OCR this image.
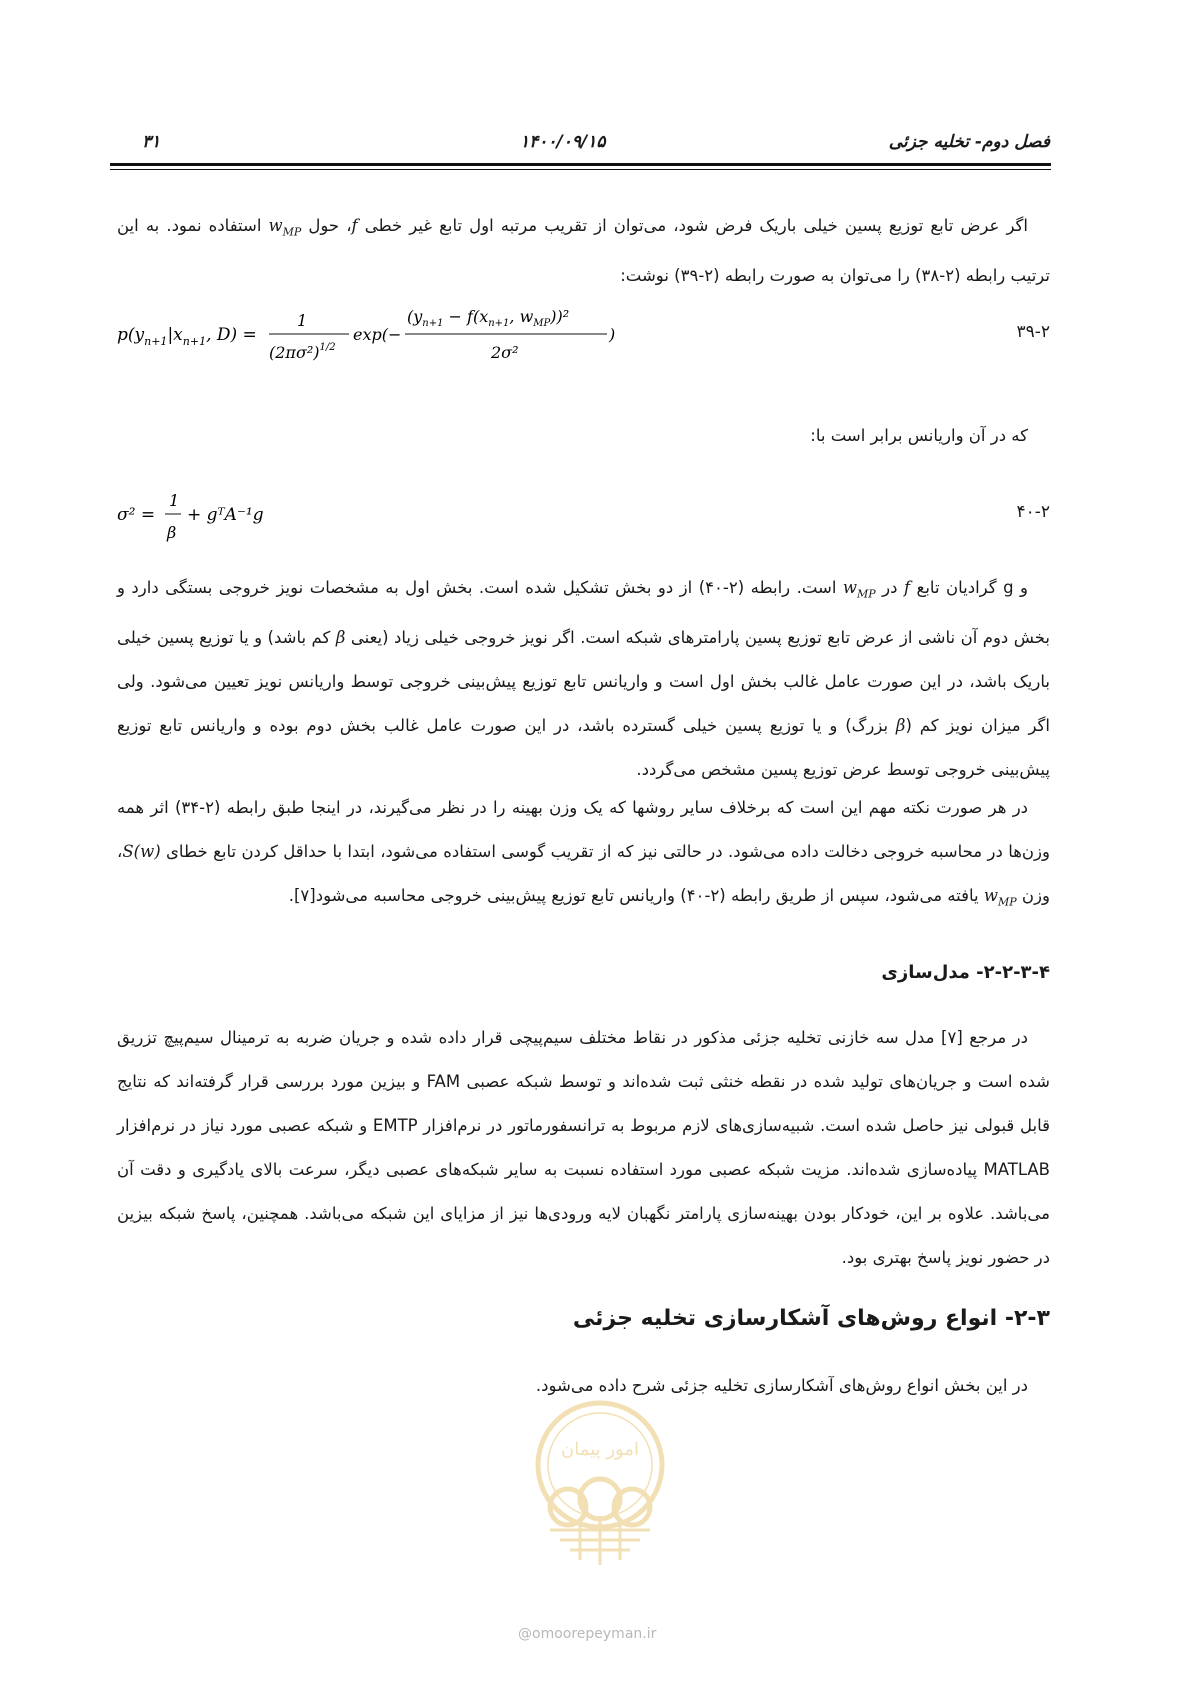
فصل دوم- تخلیه جزئی
۱۴۰۰/۰۹/۱۵
۳۱
اگر عرض تابع توزیع پسین خیلی باریک فرض شود، می‌توان از تقریب مرتبه اول تابع غیر خطی f، حول $w_{MP}$ استفاده نمود. به این ترتیب رابطه (۲-۳۸) را می‌توان به صورت رابطه (۲-۳۹) نوشت:
$p(y_{n+1}|x_{n+1}$, D) =
1
$(2\pi\sigma^2)^{1/2}$
exp(−
($y_{n+1} - f(x_{n+1}$, $w_{MP}))^2$
2σ²
)	۳۹-۲
که در آن واریانس برابر است با:
σ² =
1
β
+ gᵀA⁻¹g	۴۰-۲
و g گرادیان تابع f در $w_{MP}$ است. رابطه (۲-۴۰) از دو بخش تشکیل شده است. بخش اول به مشخصات نویز خروجی بستگی دارد و بخش دوم آن ناشی از عرض تابع توزیع پسین پارامترهای شبکه است. اگر نویز خروجی خیلی زیاد (یعنی β کم باشد) و یا توزیع پسین خیلی باریک باشد، در این صورت عامل غالب بخش اول است و واریانس تابع توزیع پیش‌بینی خروجی توسط واریانس نویز تعیین می‌شود. ولی اگر میزان نویز کم (β بزرگ) و یا توزیع پسین خیلی گسترده باشد، در این صورت عامل غالب بخش دوم بوده و واریانس تابع توزیع پیش‌بینی خروجی توسط عرض توزیع پسین مشخص می‌گردد.
در هر صورت نکته مهم این است که برخلاف سایر روشها که یک وزن بهینه را در نظر می‌گیرند، در اینجا طبق رابطه (۲-۳۴) اثر همه وزن‌ها در محاسبه خروجی دخالت داده می‌شود. در حالتی نیز که از تقریب گوسی استفاده می‌شود، ابتدا با حداقل کردن تابع خطای S(w)، وزن $w_{MP}$ یافته می‌شود، سپس از طریق رابطه (۲-۴۰) واریانس تابع توزیع پیش‌بینی خروجی محاسبه می‌شود[۷].
۲-۲-۳-۴- مدل‌سازی
در مرجع [۷] مدل سه خازنی تخلیه جزئی مذکور در نقاط مختلف سیم‌پیچی قرار داده شده و جریان ضربه به ترمینال سیم‌پیچ تزریق شده است و جریان‌های تولید شده در نقطه خنثی ثبت شده‌اند و توسط شبکه عصبی FAM و بیزین مورد بررسی قرار گرفته‌اند که نتایج قابل قبولی نیز حاصل شده است. شبیه‌سازی‌های لازم مربوط به ترانسفورماتور در نرم‌افزار EMTP و شبکه عصبی مورد نیاز در نرم‌افزار MATLAB پیاده‌سازی شده‌اند. مزیت شبکه عصبی مورد استفاده نسبت به سایر شبکه‌های عصبی دیگر، سرعت بالای یادگیری و دقت آن می‌باشد. علاوه بر این، خودکار بودن بهینه‌سازی پارامتر نگهبان لایه ورودی‌ها نیز از مزایای این شبکه می‌باشد. همچنین، پاسخ شبکه بیزین در حضور نویز پاسخ بهتری بود.
۲-۳- انواع روش‌های آشکارسازی تخلیه جزئی
در این بخش انواع روش‌های آشکارسازی تخلیه جزئی شرح داده می‌شود.
امور پیمان
@omoorepeyman.ir
